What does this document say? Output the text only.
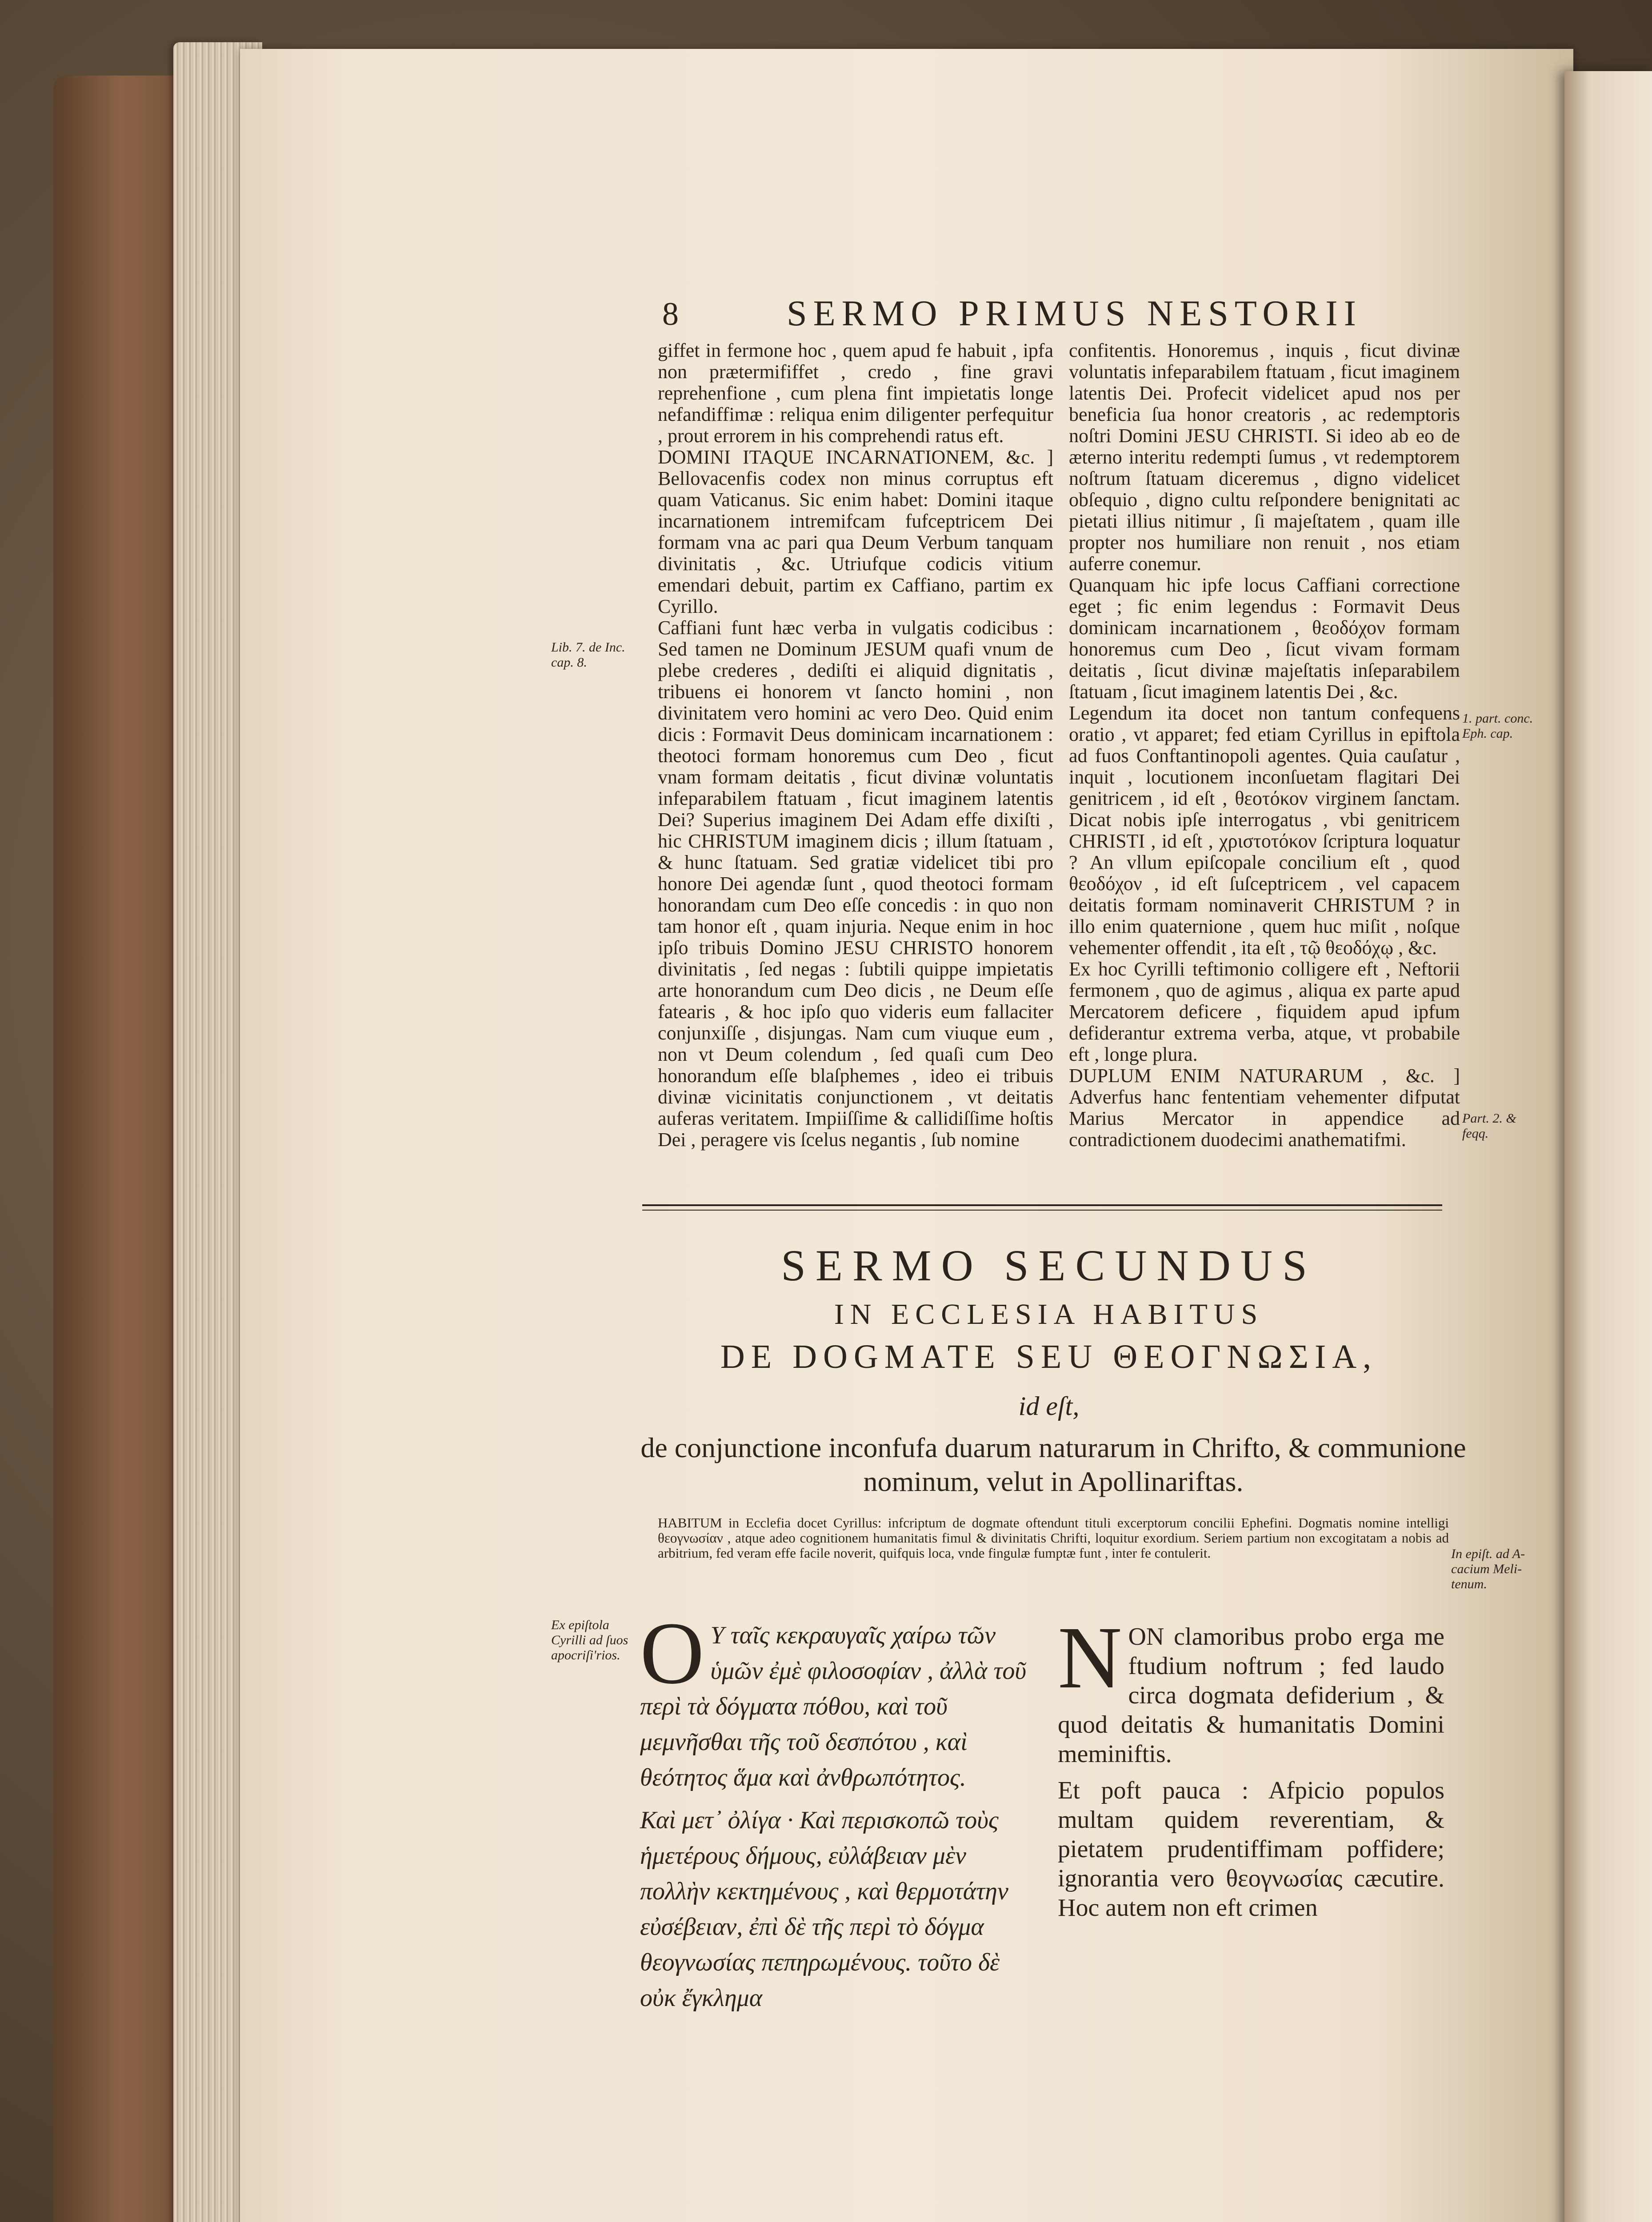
8	SERMO PRIMUS NESTORII

giffet in fermone hoc , quem apud fe habuit , ipfa non prætermififfet , credo , fine gravi reprehenfione , cum plena fint impietatis longe nefandiffimæ : reliqua enim diligenter perfequitur , prout errorem in his comprehendi ratus eft.

DOMINI ITAQUE INCARNATIONEM, &c. ] Bellovacenfis codex non minus corruptus eft quam Vaticanus. Sic enim habet: Domini itaque incarnationem intremifcam fufceptricem Dei formam vna ac pari qua Deum Verbum tanquam divinitatis , &c. Utriufque codicis vitium emendari debuit, partim ex Caffiano, partim ex Cyrillo.

Caffiani funt hæc verba in vulgatis codicibus : Sed tamen ne Dominum JESUM quafi vnum de plebe crederes , dediſti ei aliquid dignitatis , tribuens ei honorem vt ſancto homini , non divinitatem vero homini ac vero Deo. Quid enim dicis : Formavit Deus dominicam incarnationem : theotoci formam honoremus cum Deo , ficut vnam formam deitatis , ficut divinæ voluntatis infeparabilem ftatuam , ficut imaginem latentis Dei? Superius imaginem Dei Adam effe dixiſti , hic CHRISTUM imaginem dicis ; illum ſtatuam , & hunc ſtatuam. Sed gratiæ videlicet tibi pro honore Dei agendæ ſunt , quod theotoci formam honorandam cum Deo eſſe concedis : in quo non tam honor eſt , quam injuria. Neque enim in hoc ipſo tribuis Domino JESU CHRISTO honorem divinitatis , ſed negas : ſubtili quippe impietatis arte honorandum cum Deo dicis , ne Deum eſſe fatearis , & hoc ipſo quo videris eum fallaciter conjunxiſſe , disjungas. Nam cum viuque eum , non vt Deum colendum , ſed quaſi cum Deo honorandum eſſe blaſphemes , ideo ei tribuis divinæ vicinitatis conjunctionem , vt deitatis auferas veritatem. Impiiſſime & callidiſſime hoſtis Dei , peragere vis ſcelus negantis , ſub nomine

confitentis. Honoremus , inquis , ficut divinæ voluntatis infeparabilem ftatuam , ficut imaginem latentis Dei. Profecit videlicet apud nos per beneficia ſua honor creatoris , ac redemptoris noſtri Domini JESU CHRISTI. Si ideo ab eo de æterno interitu redempti ſumus , vt redemptorem noſtrum ſtatuam diceremus , digno videlicet obſequio , digno cultu reſpondere benignitati ac pietati illius nitimur , ſi majeſtatem , quam ille propter nos humiliare non renuit , nos etiam auferre conemur.

Quanquam hic ipfe locus Caffiani correctione eget ; fic enim legendus : Formavit Deus dominicam incarnationem , θεοδόχον formam honoremus cum Deo , ſicut vivam formam deitatis , ſicut divinæ majeſtatis inſeparabilem ſtatuam , ſicut imaginem latentis Dei , &c.

Legendum ita docet non tantum confequens oratio , vt apparet; fed etiam Cyrillus in epiftola ad fuos Conftantinopoli agentes. Quia cauſatur , inquit , locutionem inconſuetam flagitari Dei genitricem , id eſt , θεοτόκον virginem ſanctam. Dicat nobis ipſe interrogatus , vbi genitricem CHRISTI , id eſt , χριστοτόκον ſcriptura loquatur ? An vllum epiſcopale concilium eſt , quod θεοδόχον , id eſt ſuſceptricem , vel capacem deitatis formam nominaverit CHRISTUM ? in illo enim quaternione , quem huc miſit , noſque vehementer offendit , ita eſt , τῷ θεοδόχῳ , &c.

Ex hoc Cyrilli teftimonio colligere eft , Neftorii fermonem , quo de agimus , aliqua ex parte apud Mercatorem deficere , fiquidem apud ipfum defiderantur extrema verba, atque, vt probabile eft , longe plura.

DUPLUM ENIM NATURARUM , &c. ] Adverfus hanc fententiam vehementer difputat Marius Mercator in appendice ad contradictionem duodecimi anathematifmi.

Lib. 7. de Inc.
cap. 8.
1. part. conc.
Eph. cap.
Part. 2. &
feqq.
SERMO SECUNDUS
IN ECCLESIA HABITUS
DE DOGMATE SEU ΘΕΟΓΝΩΣΙΑ,
id eſt,
de conjunctione inconfufa duarum naturarum in Chrifto, & communione nominum, velut in Apollinariftas.
HABITUM in Ecclefia docet Cyrillus: infcriptum de dogmate oftendunt tituli excerptorum concilii Ephefini. Dogmatis nomine intelligi θεογνωσίαν , atque adeo cognitionem humanitatis fimul & divinitatis Chrifti, loquitur exordium. Seriem partium non excogitatam a nobis ad arbitrium, fed veram effe facile noverit, quifquis loca, vnde fingulæ fumptæ funt , inter fe contulerit.	In epiſt. ad A-
cacium Meli-
tenum.
Ex epiſtola
Cyrilli ad ſuos
apocriſi'rios. O Υ ταῖς κεκραυγαῖς χαίρω τῶν ὑμῶν ἐμὲ φιλοσοφίαν , ἀλλὰ τοῦ περὶ τὰ δόγματα πόθου, καὶ τοῦ μεμνῆσθαι τῆς τοῦ δεσπότου , καὶ θεότητος ἅμα καὶ ἀνθρωπότητος.

Καὶ μετ᾽ ὀλίγα · Καὶ περισκοπῶ τοὺς ἡμετέρους δήμους, εὐλάβειαν μὲν πολλὴν κεκτημένους , καὶ θερμοτάτην εὐσέβειαν, ἐπὶ δὲ τῆς περὶ τὸ δόγμα θεογνωσίας πεπηρωμένους. τοῦτο δὲ οὐκ ἔγκλημα

N ON clamoribus probo erga me ftudium noftrum ; fed laudo circa dogmata defiderium , & quod deitatis & humanitatis Domini meminiftis.

Et poft pauca : Afpicio populos multam quidem reverentiam, & pietatem prudentiffimam poffidere; ignorantia vero θεογνωσίας cæcutire. Hoc autem non eft crimen
